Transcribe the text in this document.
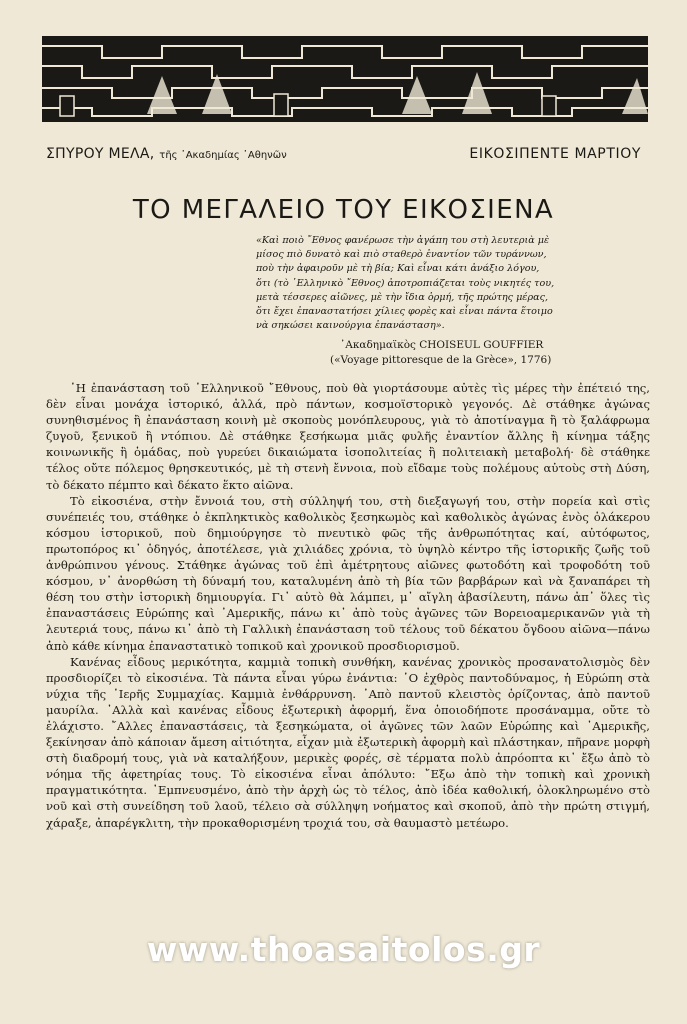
ΣΠΥΡΟΥ ΜΕΛΑ, τῆς ᾿Ακαδημίας ᾿Αθηνῶν	ΕΙΚΟΣΙΠΕΝΤΕ ΜΑΡΤΙΟΥ
ΤΟ ΜΕΓΑΛΕΙΟ ΤΟΥ ΕΙΚΟΣΙΕΝΑ
«Καὶ ποιὸ ῎Εθνος φανέρωσε τὴν ἀγάπη του στὴ λευτεριὰ μὲ
μίσος πιὸ δυνατὸ καὶ πιὸ σταθερὸ ἐναντίον τῶν τυράννων,
ποὺ τὴν ἀφαιροῦν μὲ τὴ βία; Καὶ εἶναι κάτι ἀνάξιο λόγου,
ὅτι (τὸ ῾Ελληνικὸ ῎Εθνος) ἀποτροπιάζεται τοὺς νικητές του,
μετὰ τέσσερες αἰῶνες, μὲ τὴν ἴδια ὁρμή, τῆς πρώτης μέρας,
ὅτι ἔχει ἐπαναστατήσει χίλιες φορὲς καὶ εἶναι πάντα ἕτοιμο
νὰ σηκώσει καινούργια ἐπανάσταση».
᾿Ακαδημαϊκὸς CHOISEUL GOUFFIER
(«Voyage pittoresque de la Grèce», 1776)

῾Η ἐπανάσταση τοῦ ῾Ελληνικοῦ ῎Εθνους, ποὺ θὰ γιορτάσουμε αὐτὲς τὶς μέρες τὴν ἐπέτειό της, δὲν εἶναι μονάχα ἱστορικό, ἀλλά, πρὸ πάντων, κοσμοϊστορικὸ γεγονός. Δὲ στάθηκε ἀγώνας συνηθισμένος ἢ ἐπανάσταση κοινὴ μὲ σκοποὺς μονόπλευρους, γιὰ τὸ ἀποτίναγμα ἢ τὸ ξαλάφρωμα ζυγοῦ, ξενικοῦ ἢ ντόπιου. Δὲ στάθηκε ξεσήκωμα μιᾶς φυλῆς ἐναντίον ἄλλης ἢ κίνημα τάξης κοινωνικῆς ἢ ὁμάδας, ποὺ γυρεύει δικαιώματα ἰσοπολιτείας ἢ πολιτειακὴ μεταβολή· δὲ στάθηκε τέλος οὔτε πόλεμος θρησκευτικός, μὲ τὴ στενὴ ἔννοια, ποὺ εἴδαμε τοὺς πολέμους αὐτοὺς στὴ Δύση, τὸ δέκατο πέμπτο καὶ δέκατο ἕκτο αἰῶνα.

Τὸ εἰκοσιένα, στὴν ἔννοιά του, στὴ σύλληψή του, στὴ διεξαγωγή του, στὴν πορεία καὶ στὶς συνέπειές του, στάθηκε ὁ ἐκπληκτικὸς καθολικὸς ξεσηκωμὸς καὶ καθολικὸς ἀγώνας ἑνὸς ὁλάκερου κόσμου ἱστορικοῦ, ποὺ δημιούργησε τὸ πνευτικὸ φῶς τῆς ἀνθρωπότητας καί, αὐτόφωτος, πρωτοπόρος κι᾿ ὁδηγός, ἀποτέλεσε, γιὰ χιλιάδες χρόνια, τὸ ὑψηλὸ κέντρο τῆς ἱστορικῆς ζωῆς τοῦ ἀνθρώπινου γένους. Στάθηκε ἀγώνας τοῦ ἐπὶ ἀμέτρητους αἰῶνες φωτοδότη καὶ τροφοδότη τοῦ κόσμου, ν᾿ ἀνορθώση τὴ δύναμή του, καταλυμένη ἀπὸ τὴ βία τῶν βαρβάρων καὶ νὰ ξαναπάρει τὴ θέση του στὴν ἱστορικὴ δημιουργία. Γι᾿ αὐτὸ θὰ λάμπει, μ᾿ αἴγλη ἀβασίλευτη, πάνω ἀπ᾿ ὅλες τὶς ἐπαναστάσεις Εὐρώπης καὶ ᾿Αμερικῆς, πάνω κι᾿ ἀπὸ τοὺς ἀγῶνες τῶν Βορειοαμερικανῶν γιὰ τὴ λευτεριά τους, πάνω κι᾿ ἀπὸ τὴ Γαλλικὴ ἐπανάσταση τοῦ τέλους τοῦ δέκατου ὄγδοου αἰῶνα—πάνω ἀπὸ κάθε κίνημα ἐπαναστατικὸ τοπικοῦ καὶ χρονικοῦ προσδιορισμοῦ.

Κανένας εἶδους μερικότητα, καμμιὰ τοπικὴ συνθήκη, κανένας χρονικὸς προσανατολισμὸς δὲν προσδιορίζει τὸ εἰκοσιένα. Τὰ πάντα εἶναι γύρω ἐνάντια: ῾Ο ἐχθρὸς παντοδύναμος, ἡ Εὐρώπη στὰ νύχια τῆς ῾Ιερῆς Συμμαχίας. Καμμιὰ ἐνθάρρυνση. ᾿Απὸ παντοῦ κλειστὸς ὁρίζοντας, ἀπὸ παντοῦ μαυρίλα. ᾿Αλλὰ καὶ κανένας εἶδους ἐξωτερικὴ ἀφορμή, ἕνα ὁποιοδήποτε προσάναμμα, οὔτε τὸ ἐλάχιστο. ῎Αλλες ἐπαναστάσεις, τὰ ξεσηκώματα, οἱ ἀγῶνες τῶν λαῶν Εὐρώπης καὶ ᾿Αμερικῆς, ξεκίνησαν ἀπὸ κάποιαν ἄμεση αἰτιότητα, εἶχαν μιὰ ἐξωτερικὴ ἀφορμὴ καὶ πλάστηκαν, πῆρανε μορφὴ στὴ διαδρομή τους, γιὰ νὰ καταλήξουν, μερικὲς φορές, σὲ τέρματα πολὺ ἀπρόοπτα κι᾿ ἔξω ἀπὸ τὸ νόημα τῆς ἀφετηρίας τους. Τὸ εἰκοσιένα εἶναι ἀπόλυτο: ῎Εξω ἀπὸ τὴν τοπικὴ καὶ χρονικὴ πραγματικότητα. ᾿Εμπνευσμένο, ἀπὸ τὴν ἀρχὴ ὡς τὸ τέλος, ἀπὸ ἰδέα καθολική, ὁλοκληρωμένο στὸ νοῦ καὶ στὴ συνείδηση τοῦ λαοῦ, τέλειο σὰ σύλληψη νοήματος καὶ σκοποῦ, ἀπὸ τὴν πρώτη στιγμή, χάραξε, ἀπαρέγκλιτη, τὴν προκαθορισμένη τροχιά του, σὰ θαυμαστὸ μετέωρο.

www.thoasaitolos.gr
